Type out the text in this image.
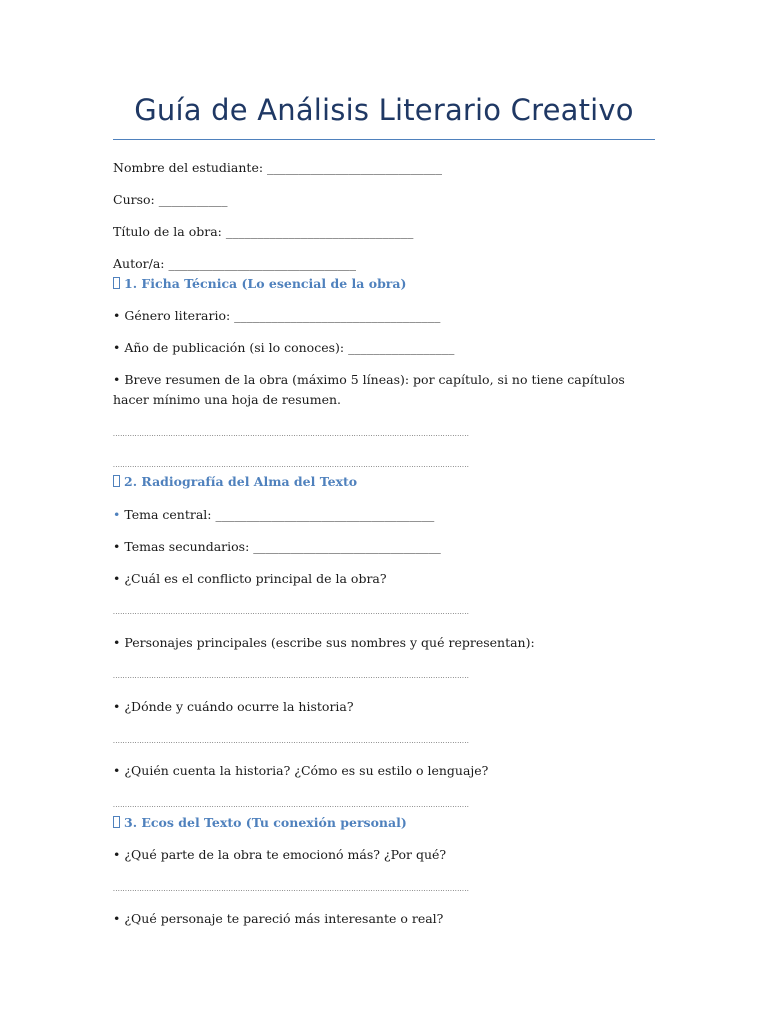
Guía de Análisis Literario Creativo
Nombre del estudiante: ____________________________
Curso: ___________
Título de la obra: ______________________________
Autor/a: ______________________________
1. Ficha Técnica (Lo esencial de la obra)
• Género literario: _________________________________
• Año de publicación (si lo conoces): _________________
• Breve resumen de la obra (máximo 5 líneas): por capítulo, si no tiene capítulos hacer mínimo una hoja de resumen.
....................................................................................................................................................
....................................................................................................................................................
2. Radiografía del Alma del Texto
• Tema central: ___________________________________
• Temas secundarios: ______________________________
• ¿Cuál es el conflicto principal de la obra?
....................................................................................................................................................
• Personajes principales (escribe sus nombres y qué representan):
....................................................................................................................................................
• ¿Dónde y cuándo ocurre la historia?
....................................................................................................................................................
• ¿Quién cuenta la historia? ¿Cómo es su estilo o lenguaje?
....................................................................................................................................................
3. Ecos del Texto (Tu conexión personal)
• ¿Qué parte de la obra te emocionó más? ¿Por qué?
....................................................................................................................................................
• ¿Qué personaje te pareció más interesante o real?
